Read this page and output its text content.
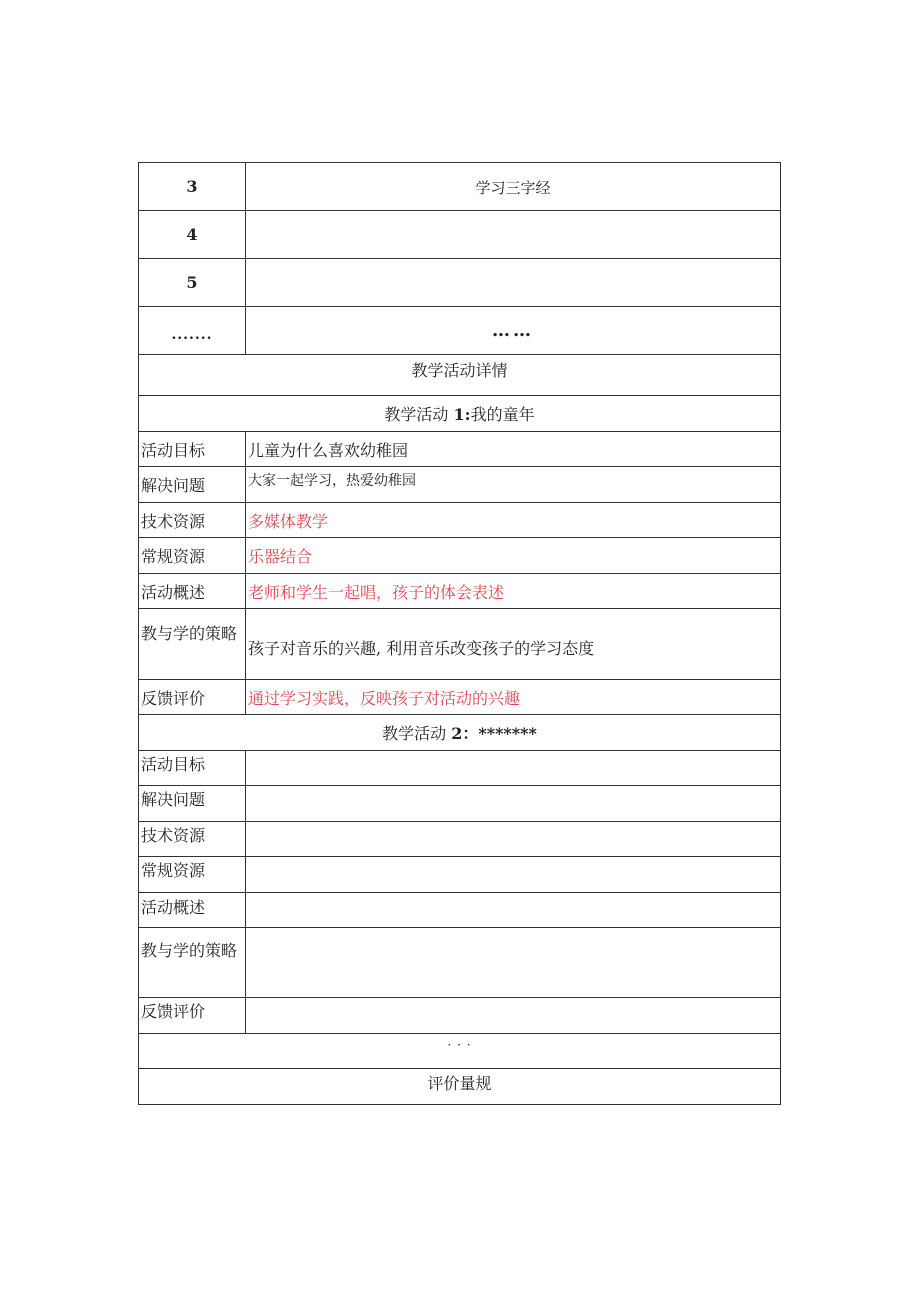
3	学习三字经
4	
5	
.......	……
教学活动详情	
教学活动 1:我的童年	
活动目标	儿童为什么喜欢幼稚园
解决问题	大家一起学习，热爱幼稚园
技术资源	多媒体教学
常规资源	乐器结合
活动概述	老师和学生一起唱，孩子的体会表述
教与学的策略	孩子对音乐的兴趣, 利用音乐改变孩子的学习态度
反馈评价	通过学习实践，反映孩子对活动的兴趣
教学活动 2：*******	
活动目标	
解决问题	
技术资源	
常规资源	
活动概述	
教与学的策略	
反馈评价	
· · ·	
评价量规	
